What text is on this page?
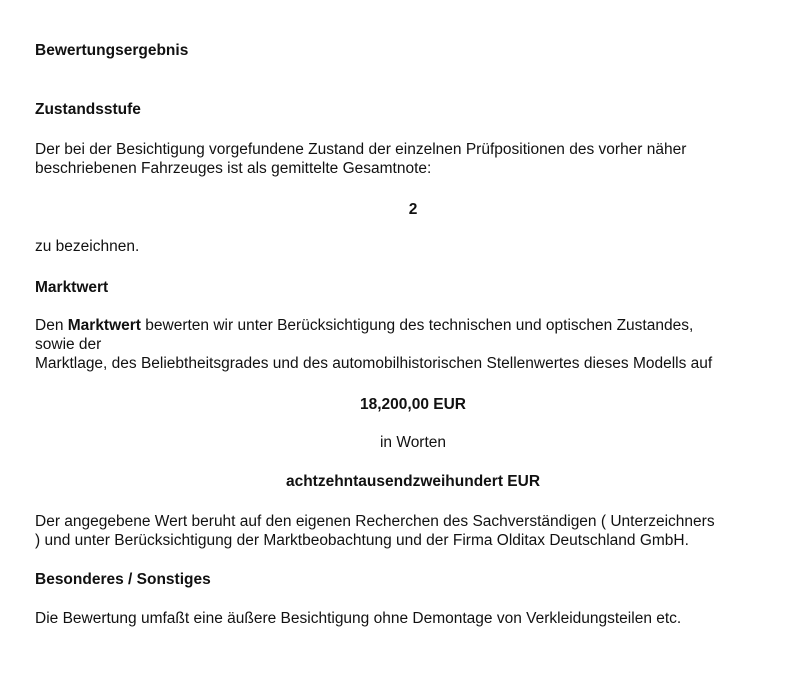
Bewertungsergebnis
Zustandsstufe
Der bei der Besichtigung vorgefundene Zustand der einzelnen Prüfpositionen des vorher näher
beschriebenen Fahrzeuges ist als gemittelte Gesamtnote:
2
zu bezeichnen.
Marktwert
Den Marktwert bewerten wir unter Berücksichtigung des technischen und optischen Zustandes,
sowie der
Marktlage, des Beliebtheitsgrades und des automobilhistorischen Stellenwertes dieses Modells auf
18,200,00 EUR
in Worten
achtzehntausendzweihundert EUR
Der angegebene Wert beruht auf den eigenen Recherchen des Sachverständigen ( Unterzeichners
) und unter Berücksichtigung der Marktbeobachtung und der Firma Olditax Deutschland GmbH.
Besonderes / Sonstiges
Die Bewertung umfaßt eine äußere Besichtigung ohne Demontage von Verkleidungsteilen etc.
